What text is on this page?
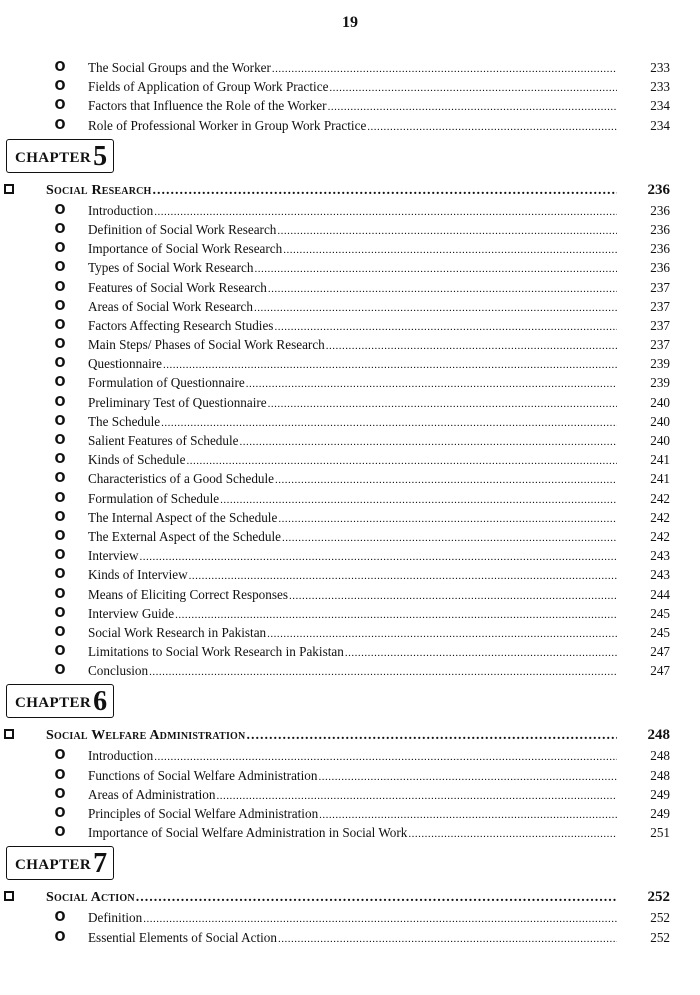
19
O The Social Groups and the Worker .....	233
O Fields of Application of Group Work Practice .....	233
O Factors that Influence the Role of the Worker .....	234
O Role of Professional Worker in Group Work Practice .....	234
CHAPTER 5
Social Research .....	236
O Introduction .....	236
O Definition of Social Work Research .....	236
O Importance of Social Work Research .....	236
O Types of Social Work Research .....	236
O Features of Social Work Research .....	237
O Areas of Social Work Research .....	237
O Factors Affecting Research Studies .....	237
O Main Steps/ Phases of Social Work Research .....	237
O Questionnaire .....	239
O Formulation of Questionnaire .....	239
O Preliminary Test of Questionnaire .....	240
O The Schedule .....	240
O Salient Features of Schedule .....	240
O Kinds of Schedule .....	241
O Characteristics of a Good Schedule .....	241
O Formulation of Schedule .....	242
O The Internal Aspect of the Schedule .....	242
O The External Aspect of the Schedule .....	242
O Interview .....	243
O Kinds of Interview .....	243
O Means of Eliciting Correct Responses .....	244
O Interview Guide .....	245
O Social Work Research in Pakistan .....	245
O Limitations to Social Work Research in Pakistan .....	247
O Conclusion .....	247
CHAPTER 6
Social Welfare Administration .....	248
O Introduction .....	248
O Functions of Social Welfare Administration .....	248
O Areas of Administration .....	249
O Principles of Social Welfare Administration .....	249
O Importance of Social Welfare Administration in Social Work .....	251
CHAPTER 7
Social Action .....	252
O Definition .....	252
O Essential Elements of Social Action .....	252
